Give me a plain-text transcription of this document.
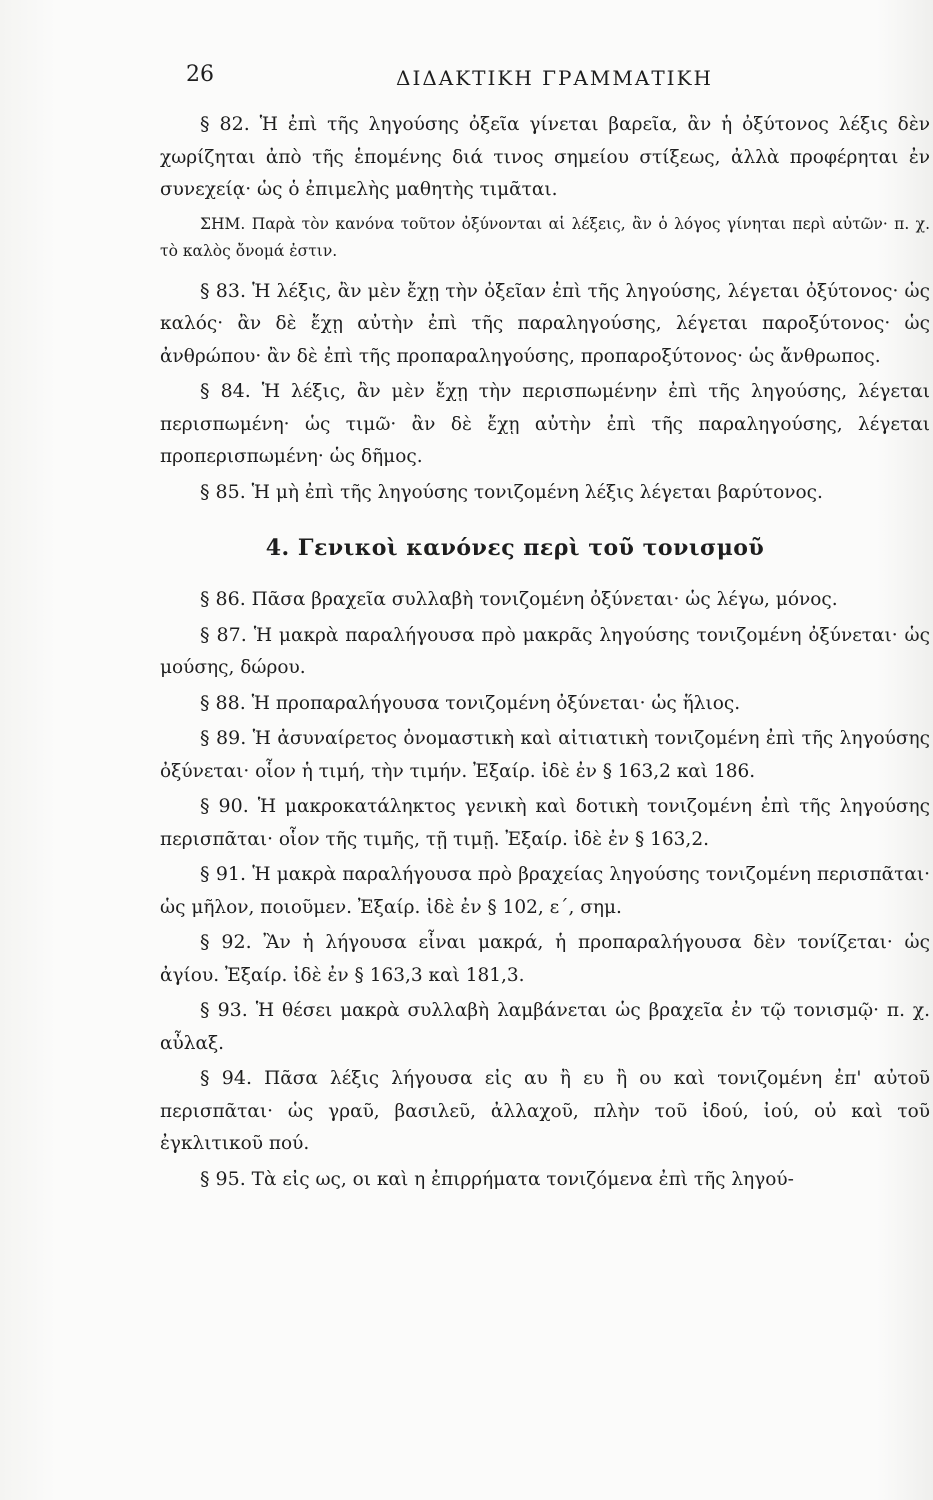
26	ΔΙΔΑΚΤΙΚΗ ΓΡΑΜΜΑΤΙΚΗ

§ 82. Ἡ ἐπὶ τῆς ληγούσης ὀξεῖα γίνεται βαρεῖα, ἂν ἡ ὀξύτονος λέξις δὲν χωρίζηται ἀπὸ τῆς ἑπομένης διά τινος σημείου στίξεως, ἀλλὰ προφέρηται ἐν συνεχείᾳ· ὡς ὁ ἐπιμελὴς μαθητὴς τιμᾶται.

ΣΗΜ. Παρὰ τὸν κανόνα τοῦτον ὀξύνονται αἱ λέξεις, ἂν ὁ λόγος γίνηται περὶ αὐτῶν· π. χ. τὸ καλὸς ὄνομά ἐστιν.

§ 83. Ἡ λέξις, ἂν μὲν ἔχῃ τὴν ὀξεῖαν ἐπὶ τῆς ληγούσης, λέγεται ὀξύτονος· ὡς καλός· ἂν δὲ ἔχῃ αὐτὴν ἐπὶ τῆς παραληγούσης, λέγεται παροξύτονος· ὡς ἀνθρώπου· ἂν δὲ ἐπὶ τῆς προπαραληγούσης, προπαροξύτονος· ὡς ἄνθρωπος.

§ 84. Ἡ λέξις, ἂν μὲν ἔχῃ τὴν περισπωμένην ἐπὶ τῆς ληγούσης, λέγεται περισπωμένη· ὡς τιμῶ· ἂν δὲ ἔχῃ αὐτὴν ἐπὶ τῆς παραληγούσης, λέγεται προπερισπωμένη· ὡς δῆμος.

§ 85. Ἡ μὴ ἐπὶ τῆς ληγούσης τονιζομένη λέξις λέγεται βαρύτονος.

4. Γενικοὶ κανόνες περὶ τοῦ τονισμοῦ

§ 86. Πᾶσα βραχεῖα συλλαβὴ τονιζομένη ὀξύνεται· ὡς λέγω, μόνος.

§ 87. Ἡ μακρὰ παραλήγουσα πρὸ μακρᾶς ληγούσης τονιζομένη ὀξύνεται· ὡς μούσης, δώρου.

§ 88. Ἡ προπαραλήγουσα τονιζομένη ὀξύνεται· ὡς ἥλιος.

§ 89. Ἡ ἀσυναίρετος ὀνομαστικὴ καὶ αἰτιατικὴ τονιζομένη ἐπὶ τῆς ληγούσης ὀξύνεται· οἷον ἡ τιμή, τὴν τιμήν. Ἐξαίρ. ἰδὲ ἐν § 163,2 καὶ 186.

§ 90. Ἡ μακροκατάληκτος γενικὴ καὶ δοτικὴ τονιζομένη ἐπὶ τῆς ληγούσης περισπᾶται· οἷον τῆς τιμῆς, τῇ τιμῇ. Ἐξαίρ. ἰδὲ ἐν § 163,2.

§ 91. Ἡ μακρὰ παραλήγουσα πρὸ βραχείας ληγούσης τονιζομένη περισπᾶται· ὡς μῆλον, ποιοῦμεν. Ἐξαίρ. ἰδὲ ἐν § 102, ε΄, σημ.

§ 92. Ἂν ἡ λήγουσα εἶναι μακρά, ἡ προπαραλήγουσα δὲν τονίζεται· ὡς ἀγίου. Ἐξαίρ. ἰδὲ ἐν § 163,3 καὶ 181,3.

§ 93. Ἡ θέσει μακρὰ συλλαβὴ λαμβάνεται ὡς βραχεῖα ἐν τῷ τονισμῷ· π. χ. αὖλαξ.

§ 94. Πᾶσα λέξις λήγουσα εἰς αυ ἢ ευ ἢ ου καὶ τονιζομένη ἐπ' αὐτοῦ περισπᾶται· ὡς γραῦ, βασιλεῦ, ἀλλαχοῦ, πλὴν τοῦ ἰδού, ἰού, οὐ καὶ τοῦ ἐγκλιτικοῦ πού.

§ 95. Τὰ εἰς ως, οι καὶ η ἐπιρρήματα τονιζόμενα ἐπὶ τῆς ληγού-
